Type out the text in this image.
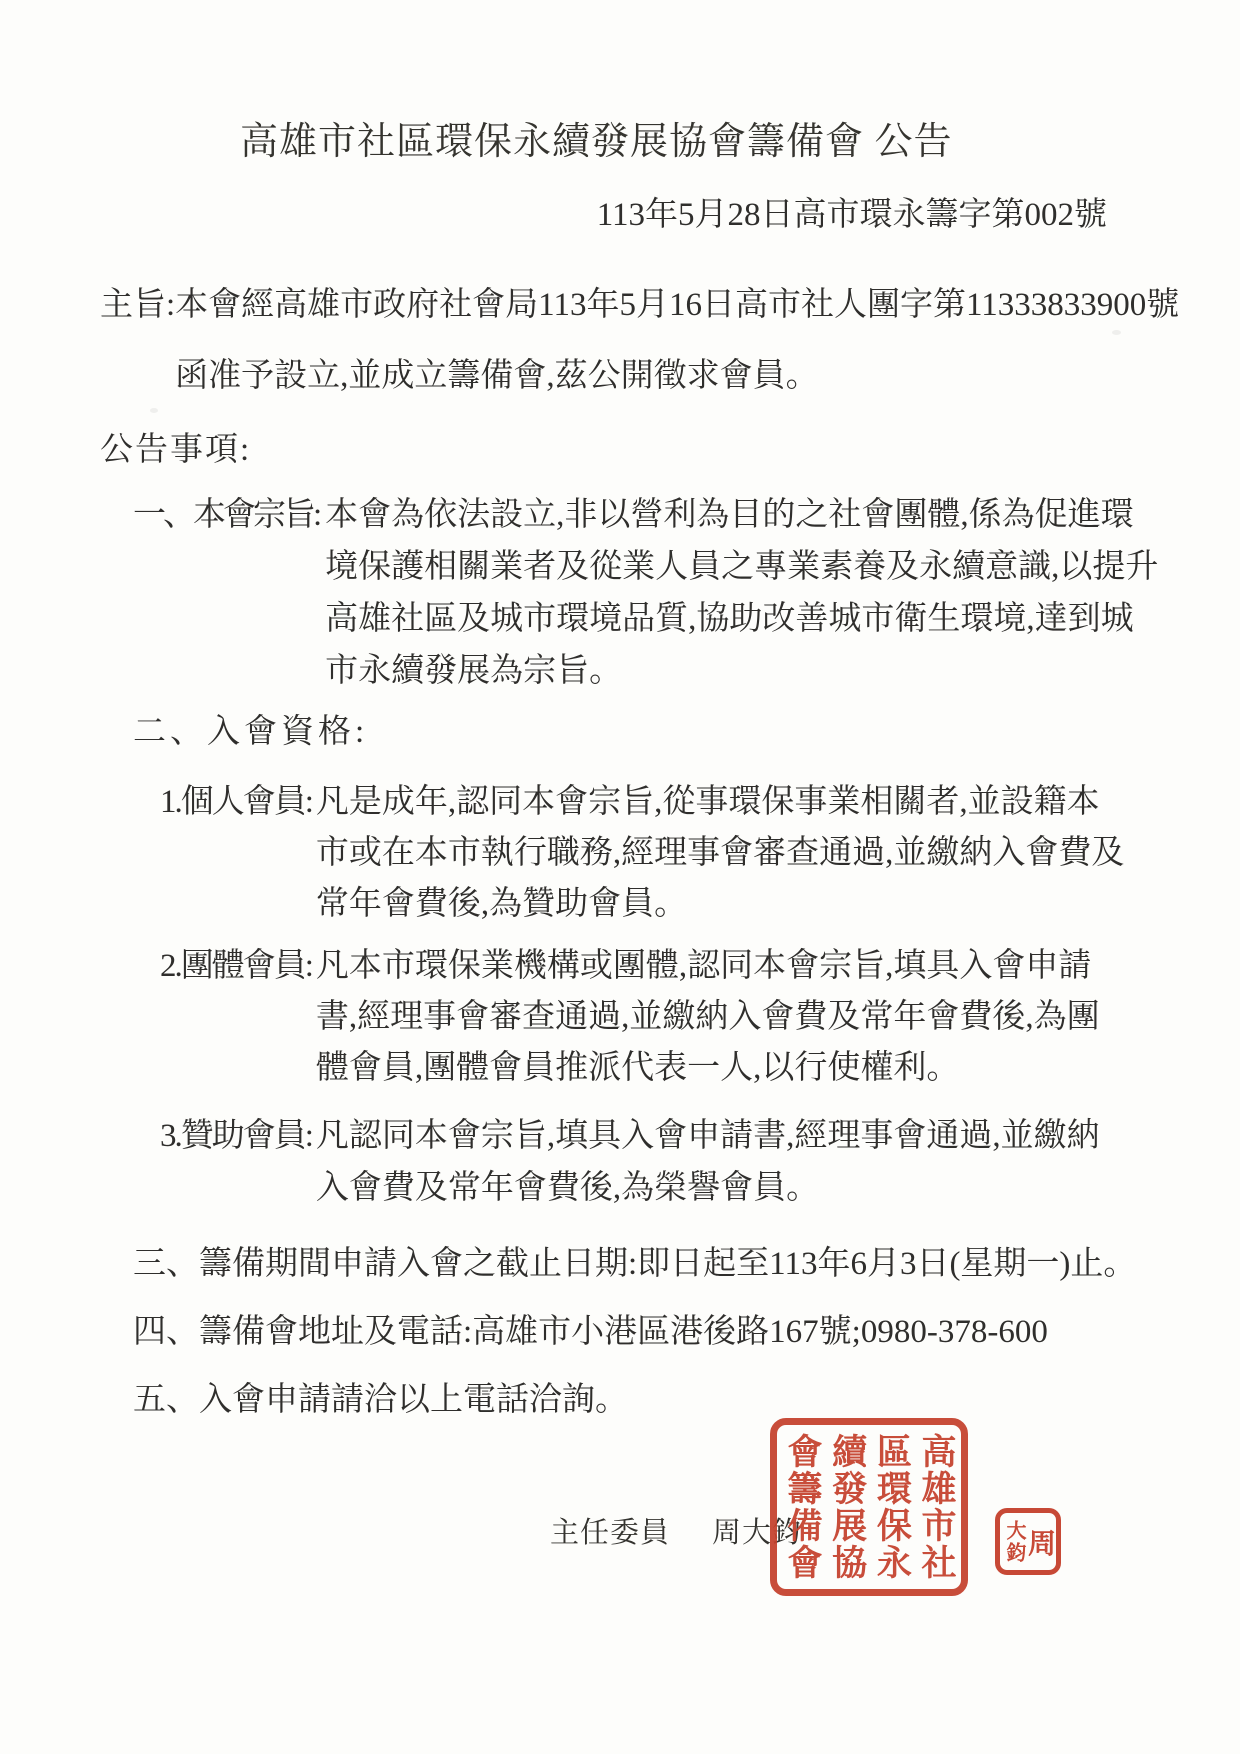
高雄市社區環保永續發展協會籌備會 公告
113年5月28日高市環永籌字第002號
主旨: 本會經高雄市政府社會局113年5月16日高市社人團字第11333833900號
函准予設立,並成立籌備會,茲公開徵求會員。
公告事項:
一、本會宗旨: 本會為依法設立,非以營利為目的之社會團體,係為促進環
境保護相關業者及從業人員之專業素養及永續意識,以提升
高雄社區及城市環境品質,協助改善城市衛生環境,達到城
市永續發展為宗旨。
二、入會資格:
1.個人會員: 凡是成年,認同本會宗旨,從事環保事業相關者,並設籍本
市或在本市執行職務,經理事會審查通過,並繳納入會費及
常年會費後,為贊助會員。
2.團體會員: 凡本市環保業機構或團體,認同本會宗旨,填具入會申請
書,經理事會審查通過,並繳納入會費及常年會費後,為團
體會員,團體會員推派代表一人,以行使權利。
3.贊助會員: 凡認同本會宗旨,填具入會申請書,經理事會通過,並繳納
入會費及常年會費後,為榮譽會員。
三、 籌備期間申請入會之截止日期:即日起至113年6月3日(星期一)止。
四、 籌備會地址及電話:高雄市小港區港後路167號;0980-378-600
五、 入會申請請洽以上電話洽詢。
主任委員 周大鈞	高雄市社
區環保永
續發展協
會籌備會	周
大鈞
